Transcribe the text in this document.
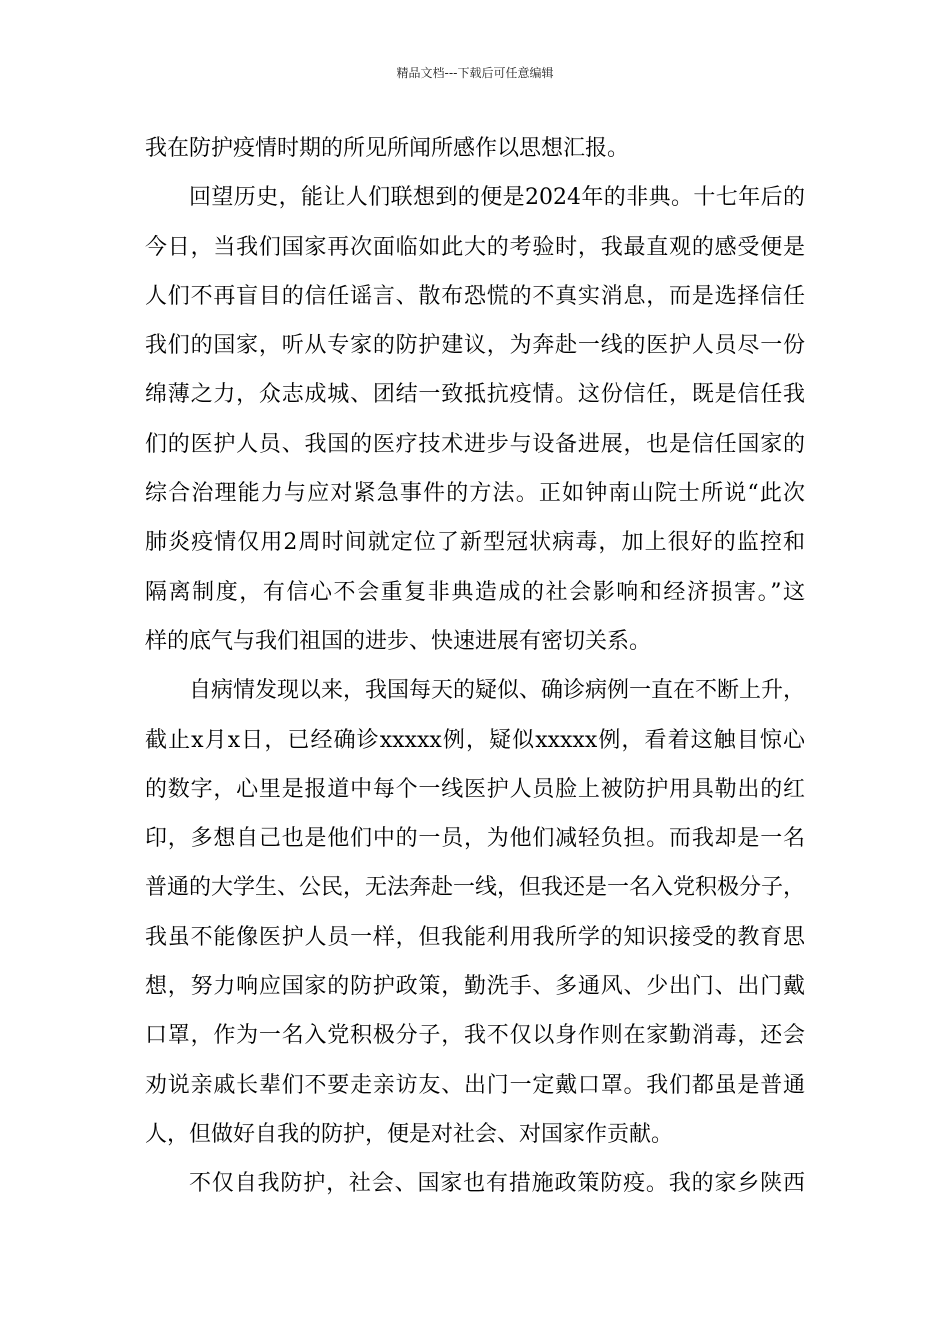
精品文档---下载后可任意编辑
我在防护疫情时期的所见所闻所感作以思想汇报。
回望历史，能让人们联想到的便是2024年的非典。十七年后的
今日，当我们国家再次面临如此大的考验时，我最直观的感受便是
人们不再盲目的信任谣言、散布恐慌的不真实消息，而是选择信任
我们的国家，听从专家的防护建议，为奔赴一线的医护人员尽一份
绵薄之力，众志成城、团结一致抵抗疫情。这份信任，既是信任我
们的医护人员、我国的医疗技术进步与设备进展，也是信任国家的
综合治理能力与应对紧急事件的方法。正如钟南山院士所说“此次
肺炎疫情仅用2周时间就定位了新型冠状病毒，加上很好的监控和
隔离制度，有信心不会重复非典造成的社会影响和经济损害。”这
样的底气与我们祖国的进步、快速进展有密切关系。
自病情发现以来，我国每天的疑似、确诊病例一直在不断上升，
截止x月x日，已经确诊xxxxx例，疑似xxxxx例，看着这触目惊心
的数字，心里是报道中每个一线医护人员脸上被防护用具勒出的红
印，多想自己也是他们中的一员，为他们减轻负担。而我却是一名
普通的大学生、公民，无法奔赴一线，但我还是一名入党积极分子，
我虽不能像医护人员一样，但我能利用我所学的知识接受的教育思
想，努力响应国家的防护政策，勤洗手、多通风、少出门、出门戴
口罩，作为一名入党积极分子，我不仅以身作则在家勤消毒，还会
劝说亲戚长辈们不要走亲访友、出门一定戴口罩。我们都虽是普通
人，但做好自我的防护，便是对社会、对国家作贡献。
不仅自我防护，社会、国家也有措施政策防疫。我的家乡陕西
